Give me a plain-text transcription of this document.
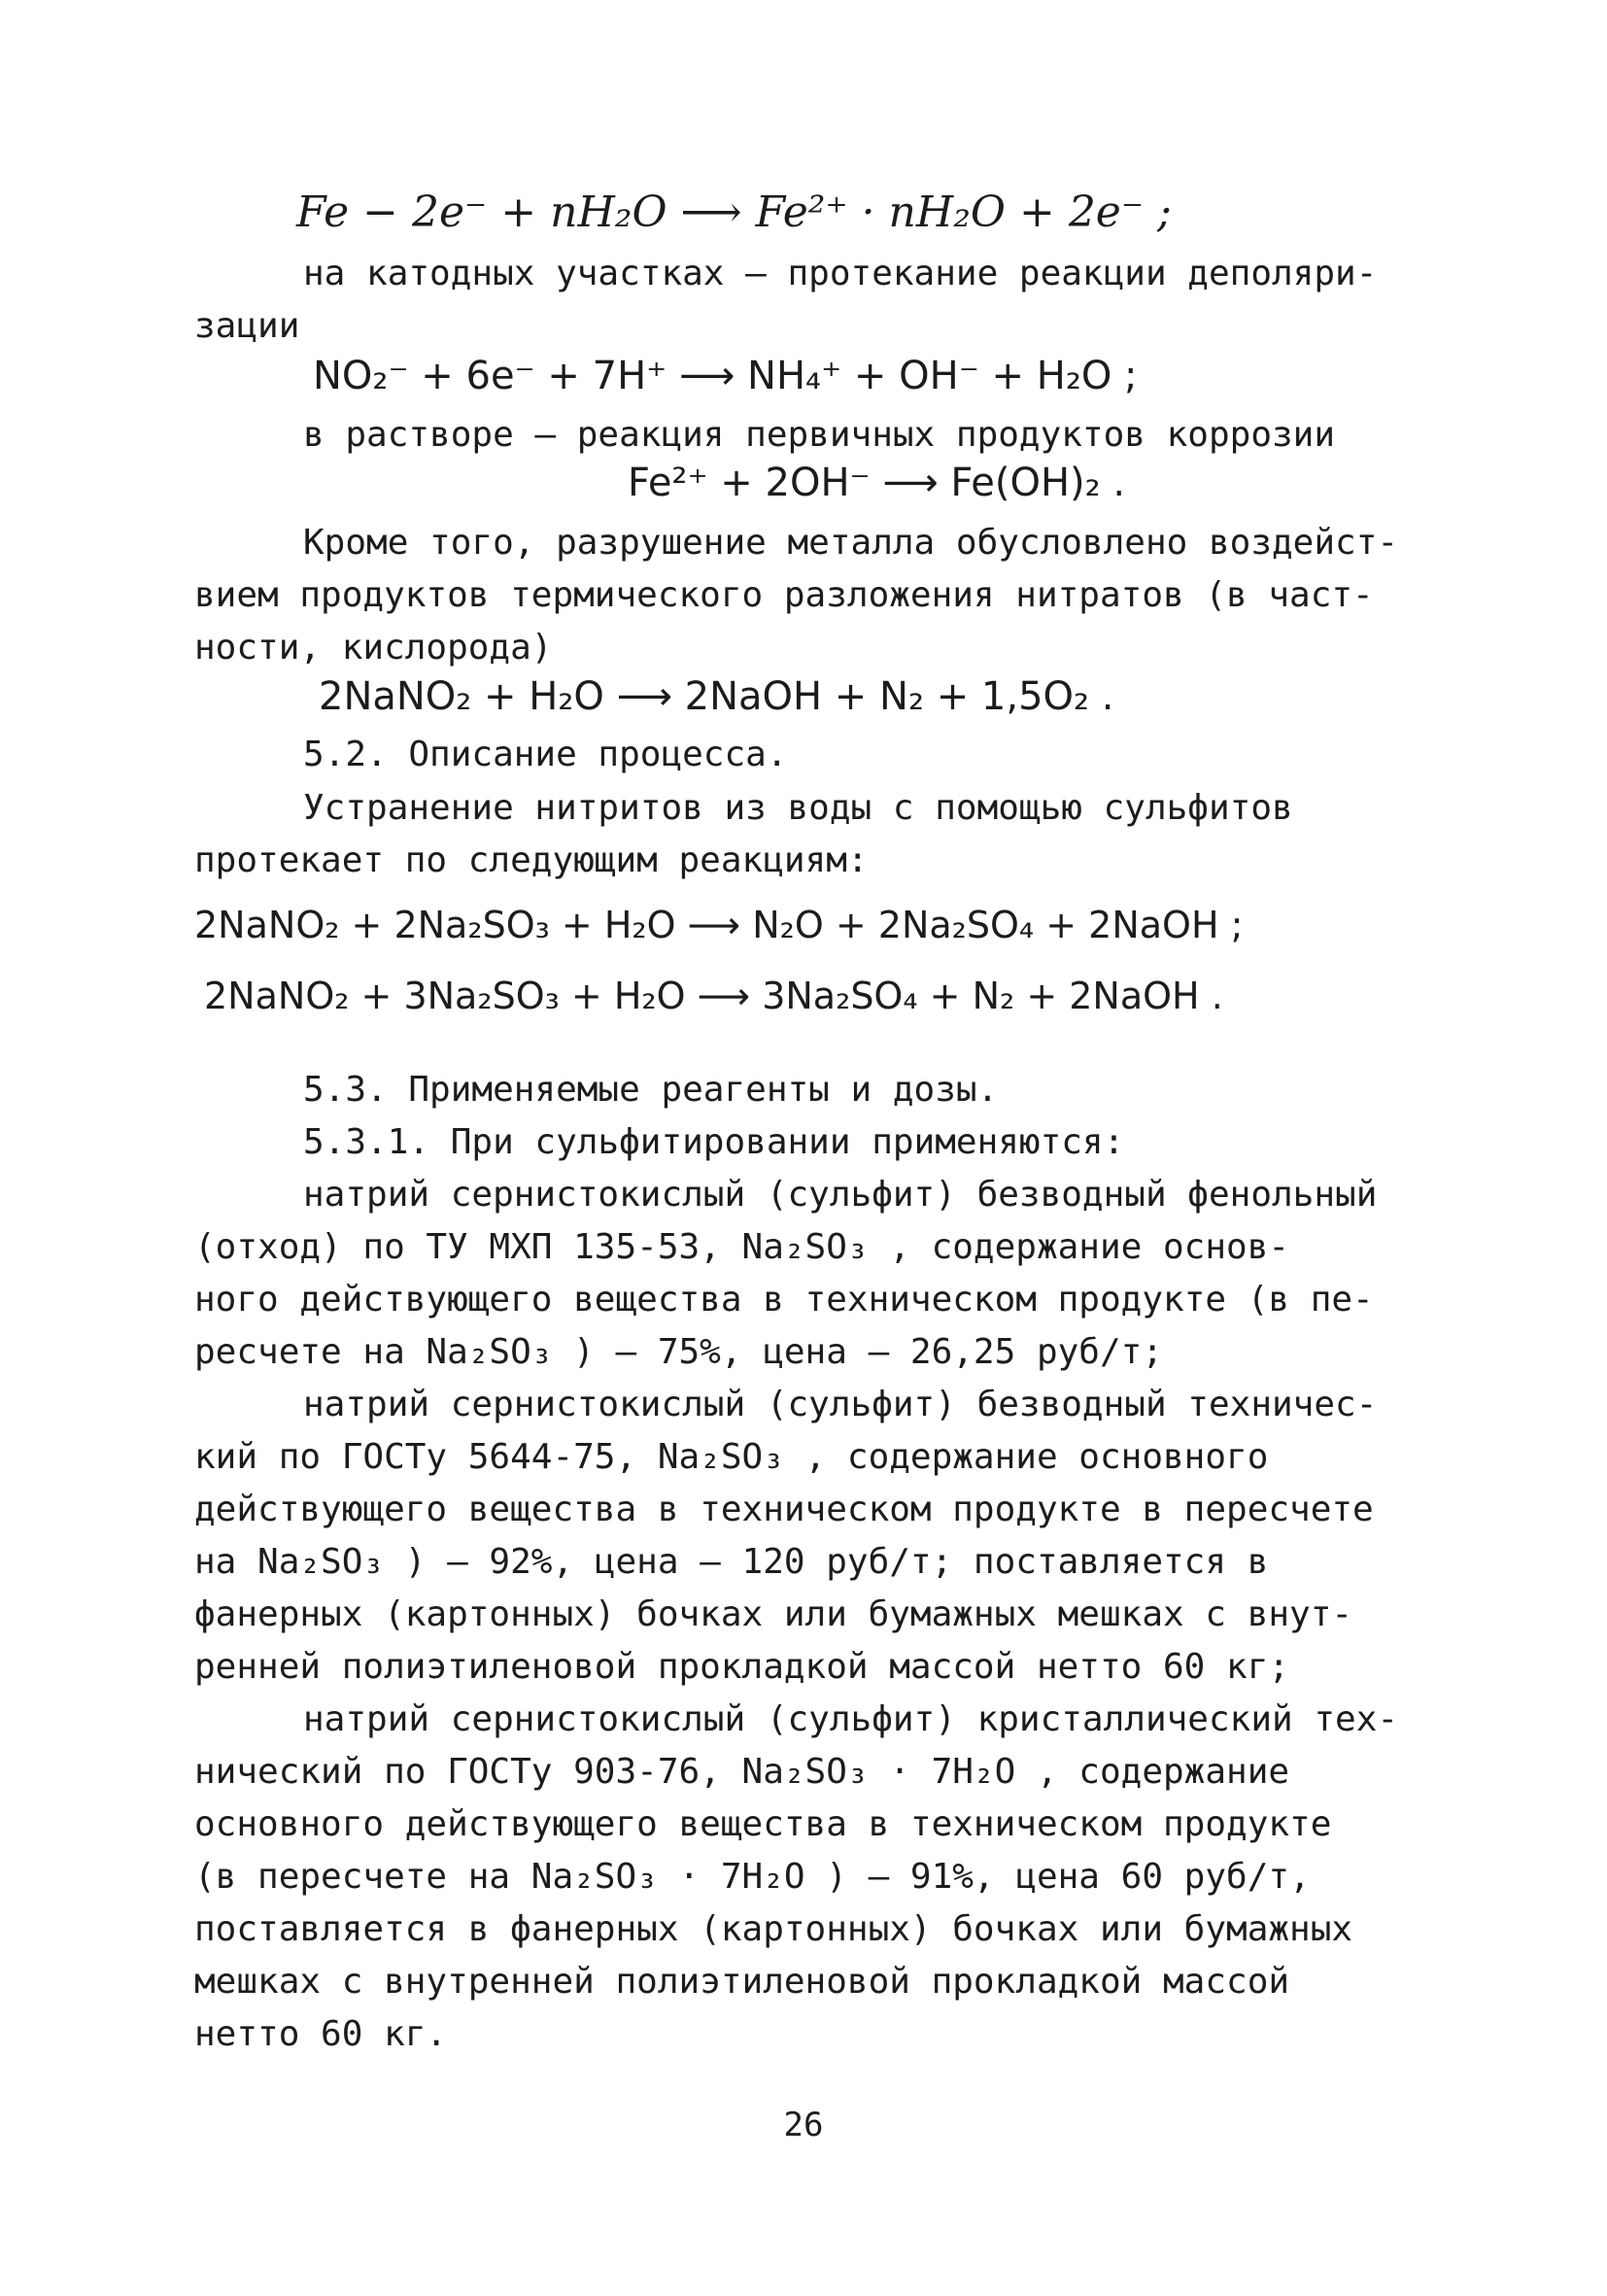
Fe − 2e⁻ + nH₂O ⟶ Fe²⁺ · nH₂O + 2e⁻ ;

на катодных участках – протекание реакции деполяри-

зации

NO₂⁻ + 6e⁻ + 7H⁺ ⟶ NH₄⁺ + OH⁻ + H₂O ;

в растворе – реакция первичных продуктов коррозии

Fe²⁺ + 2OH⁻ ⟶ Fe(OH)₂ .

Кроме того, разрушение металла обусловлено воздейст-

вием продуктов термического разложения нитратов (в част-

ности, кислорода)

2NaNO₂ + H₂O ⟶ 2NaOH + N₂ + 1,5O₂ .

5.2. Описание процесса.

Устранение нитритов из воды с помощью сульфитов

протекает по следующим реакциям:

2NaNO₂ + 2Na₂SO₃ + H₂O ⟶ N₂O + 2Na₂SO₄ + 2NaOH ;

2NaNO₂ + 3Na₂SO₃ + H₂O ⟶ 3Na₂SO₄ + N₂ + 2NaOH .

5.3. Применяемые реагенты и дозы.

5.3.1. При сульфитировании применяются:

натрий сернистокислый (сульфит) безводный фенольный

(отход) по ТУ МХП 135-53, Na₂SO₃ , содержание основ-

ного действующего вещества в техническом продукте (в пе-

ресчете на Na₂SO₃ ) – 75%, цена – 26,25 руб/т;

натрий сернистокислый (сульфит) безводный техничес-

кий по ГОСТу 5644-75, Na₂SO₃ , содержание основного

действующего вещества в техническом продукте в пересчете

на Na₂SO₃ ) – 92%, цена – 120 руб/т; поставляется в

фанерных (картонных) бочках или бумажных мешках с внут-

ренней полиэтиленовой прокладкой массой нетто 60 кг;

натрий сернистокислый (сульфит) кристаллический тех-

нический по ГОСТу 903-76, Na₂SO₃ · 7H₂O , содержание

основного действующего вещества в техническом продукте

(в пересчете на Na₂SO₃ · 7H₂O ) – 91%, цена 60 руб/т,

поставляется в фанерных (картонных) бочках или бумажных

мешках с внутренней полиэтиленовой прокладкой массой

нетто 60 кг.

26
